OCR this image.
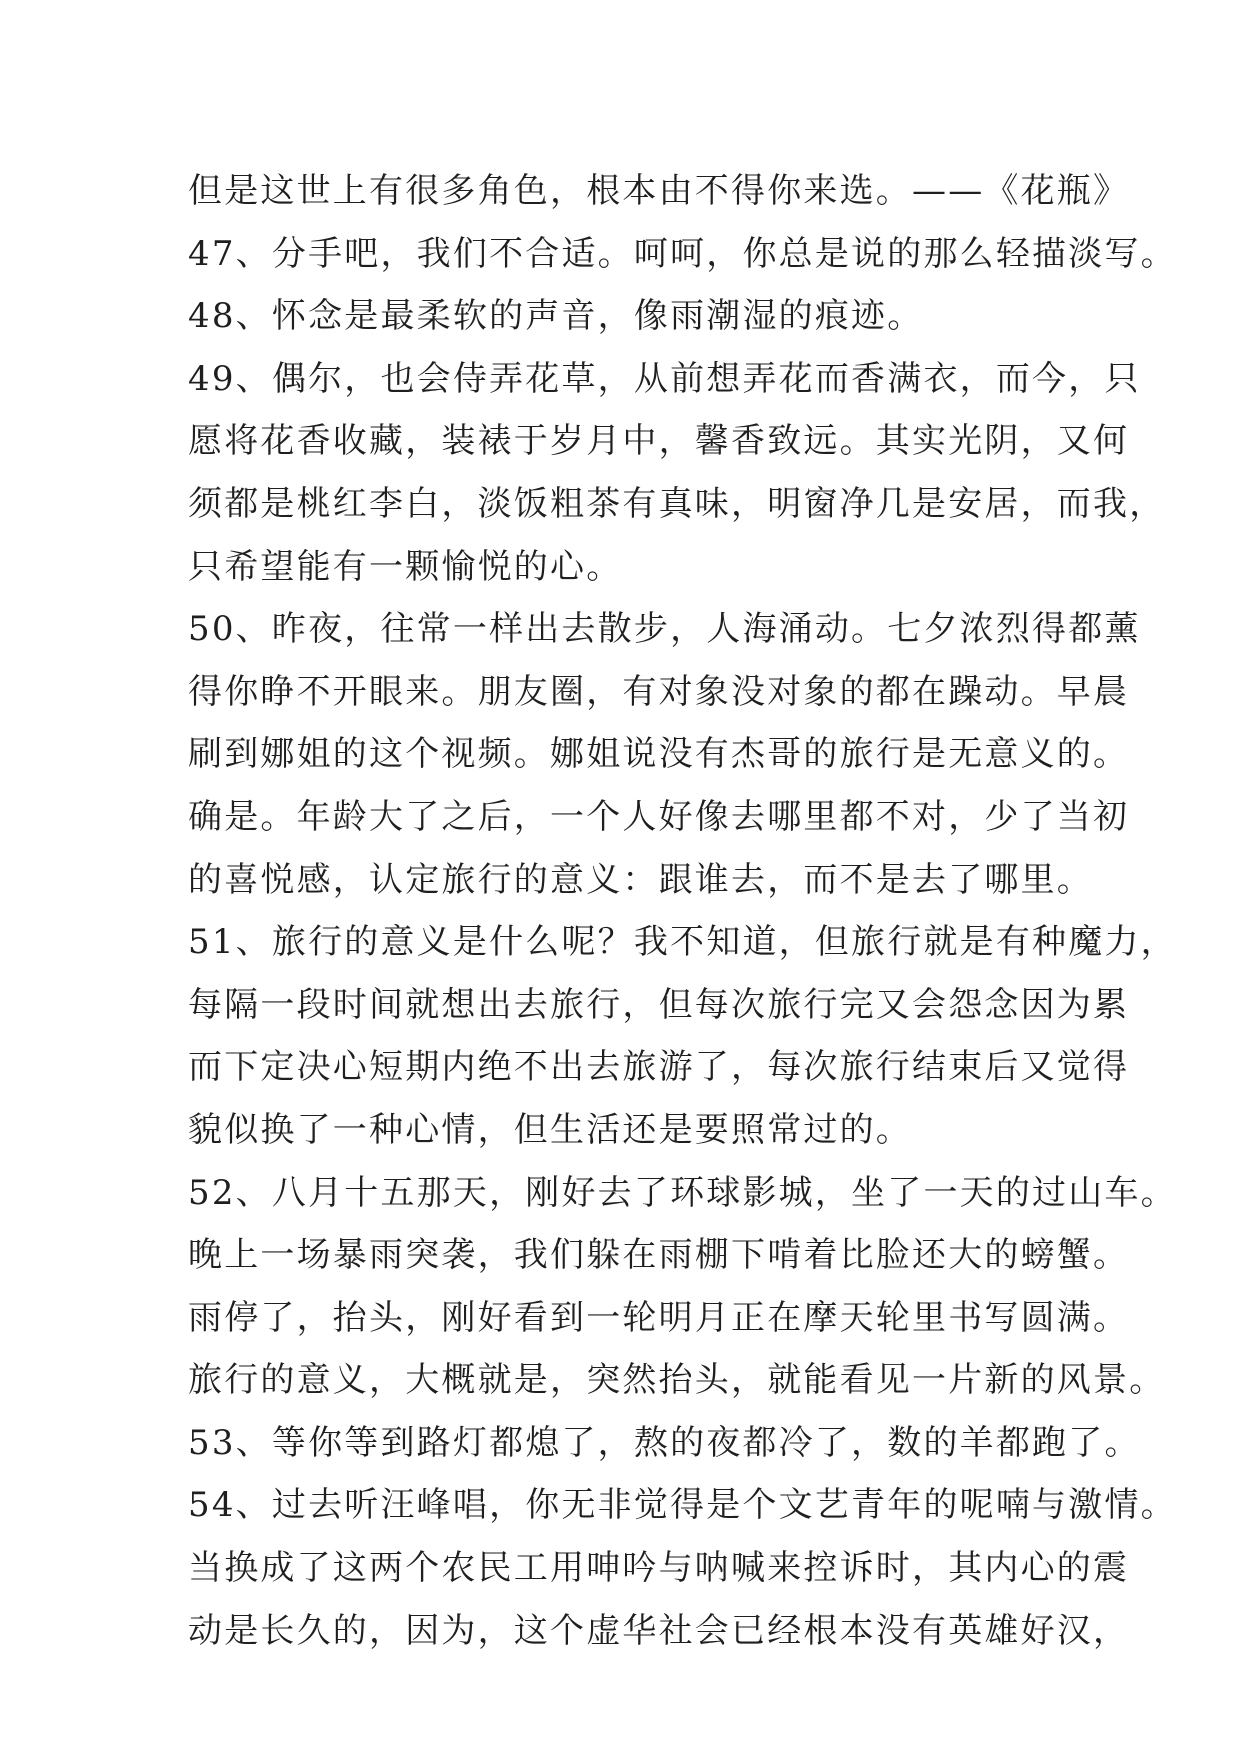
但是这世上有很多角色，根本由不得你来选。——《花瓶》
47、分手吧，我们不合适。呵呵，你总是说的那么轻描淡写。
48、怀念是最柔软的声音，像雨潮湿的痕迹。
49、偶尔，也会侍弄花草，从前想弄花而香满衣，而今，只
愿将花香收藏，装裱于岁月中，馨香致远。其实光阴，又何
须都是桃红李白，淡饭粗茶有真味，明窗净几是安居，而我，
只希望能有一颗愉悦的心。
50、昨夜，往常一样出去散步，人海涌动。七夕浓烈得都薰
得你睁不开眼来。朋友圈，有对象没对象的都在躁动。早晨
刷到娜姐的这个视频。娜姐说没有杰哥的旅行是无意义的。
确是。年龄大了之后，一个人好像去哪里都不对，少了当初
的喜悦感，认定旅行的意义：跟谁去，而不是去了哪里。
51、旅行的意义是什么呢？我不知道，但旅行就是有种魔力，
每隔一段时间就想出去旅行，但每次旅行完又会怨念因为累
而下定决心短期内绝不出去旅游了，每次旅行结束后又觉得
貌似换了一种心情，但生活还是要照常过的。
52、八月十五那天，刚好去了环球影城，坐了一天的过山车。
晚上一场暴雨突袭，我们躲在雨棚下啃着比脸还大的螃蟹。
雨停了，抬头，刚好看到一轮明月正在摩天轮里书写圆满。
旅行的意义，大概就是，突然抬头，就能看见一片新的风景。
53、等你等到路灯都熄了，熬的夜都冷了，数的羊都跑了。
54、过去听汪峰唱，你无非觉得是个文艺青年的呢喃与激情。
当换成了这两个农民工用呻吟与呐喊来控诉时，其内心的震
动是长久的，因为，这个虚华社会已经根本没有英雄好汉，
